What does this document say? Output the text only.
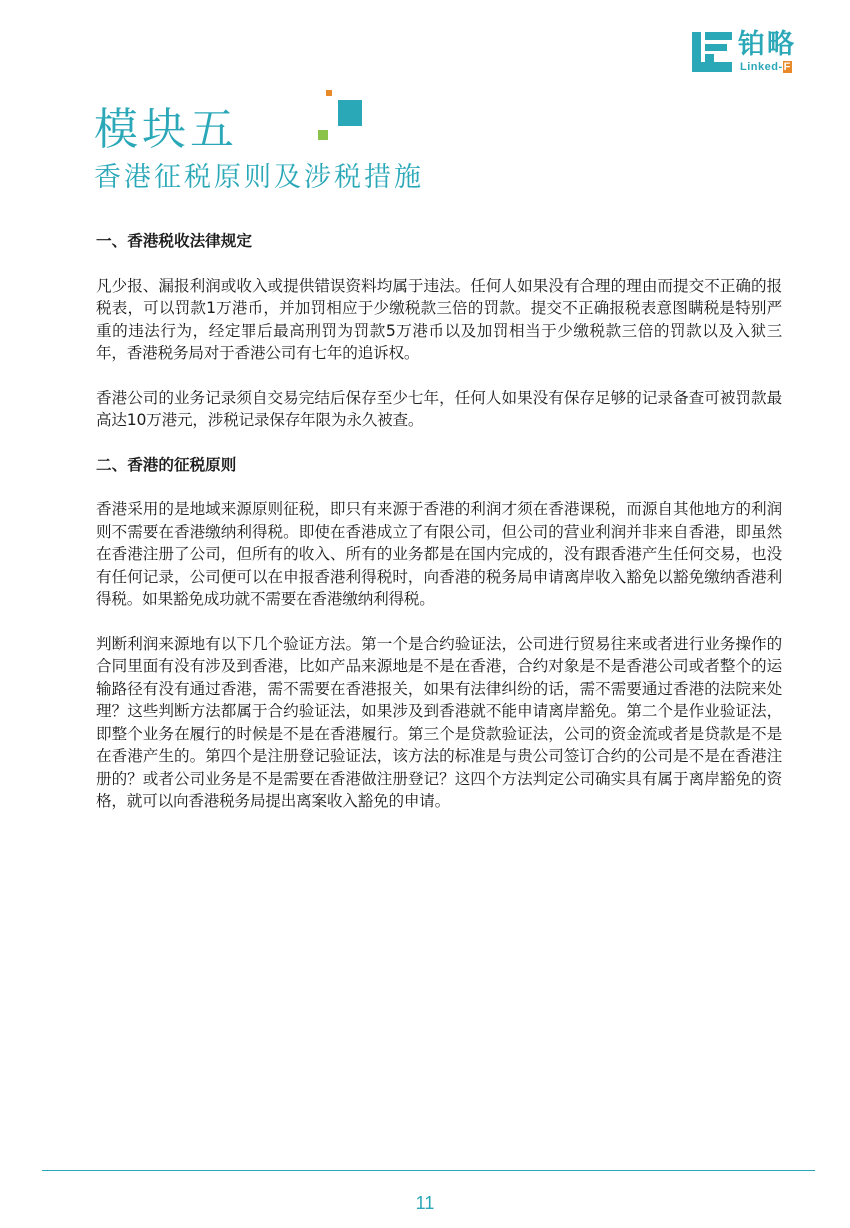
铂略
Linked-F
模块五
香港征税原则及涉税措施

一、香港税收法律规定

凡少报、漏报利润或收入或提供错误资料均属于违法。任何人如果没有合理的理由而提交不正确的报税表，可以罚款1万港币，并加罚相应于少缴税款三倍的罚款。提交不正确报税表意图瞒税是特别严重的违法行为，经定罪后最高刑罚为罚款5万港币以及加罚相当于少缴税款三倍的罚款以及入狱三年，香港税务局对于香港公司有七年的追诉权。

香港公司的业务记录须自交易完结后保存至少七年，任何人如果没有保存足够的记录备查可被罚款最高达10万港元，涉税记录保存年限为永久被查。

二、香港的征税原则

香港采用的是地域来源原则征税，即只有来源于香港的利润才须在香港课税，而源自其他地方的利润则不需要在香港缴纳利得税。即使在香港成立了有限公司，但公司的营业利润并非来自香港，即虽然在香港注册了公司，但所有的收入、所有的业务都是在国内完成的，没有跟香港产生任何交易，也没有任何记录，公司便可以在申报香港利得税时，向香港的税务局申请离岸收入豁免以豁免缴纳香港利得税。如果豁免成功就不需要在香港缴纳利得税。

判断利润来源地有以下几个验证方法。第一个是合约验证法，公司进行贸易往来或者进行业务操作的合同里面有没有涉及到香港，比如产品来源地是不是在香港，合约对象是不是香港公司或者整个的运输路径有没有通过香港，需不需要在香港报关，如果有法律纠纷的话，需不需要通过香港的法院来处理？这些判断方法都属于合约验证法，如果涉及到香港就不能申请离岸豁免。第二个是作业验证法，即整个业务在履行的时候是不是在香港履行。第三个是贷款验证法，公司的资金流或者是贷款是不是在香港产生的。第四个是注册登记验证法，该方法的标准是与贵公司签订合约的公司是不是在香港注册的？或者公司业务是不是需要在香港做注册登记？这四个方法判定公司确实具有属于离岸豁免的资格，就可以向香港税务局提出离案收入豁免的申请。

11
